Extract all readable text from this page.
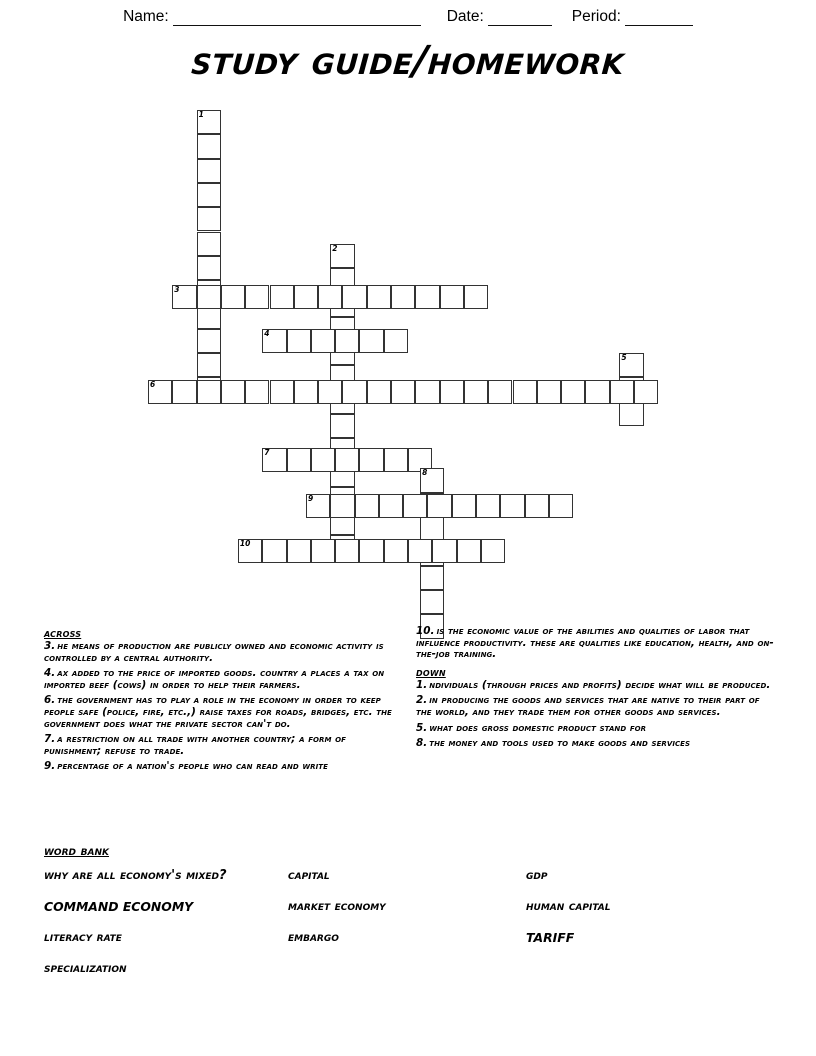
Name:	Date:	Period:
study guide/homework
1
2
3
4
5
6
7
8
9
10
across

3. he means of production are publicly owned and economic activity is controlled by a central authority.

4. ax added to the price of imported goods. country a places a tax on imported beef (cows) in order to help their farmers.

6. the government has to play a role in the economy in order to keep people safe (police, fire, etc.,) raise taxes for roads, bridges, etc. the government does what the private sector can't do.

7. a restriction on all trade with another country; a form of punishment; refuse to trade.

9. percentage of a nation's people who can read and write

10. is the economic value of the abilities and qualities of labor that influence productivity. these are qualities like education, health, and on-the-job training.

down

1. ndividuals (through prices and profits) decide what will be produced.

2. in producing the goods and services that are native to their part of the world, and they trade them for other goods and services.

5. what does gross domestic product stand for

8. the money and tools used to make goods and services

word bank
why are all economy's mixed?	capital	gdp
COMMAND ECONOMY	market economy	human capital
literacy rate	embargo	TARIFF
specialization
